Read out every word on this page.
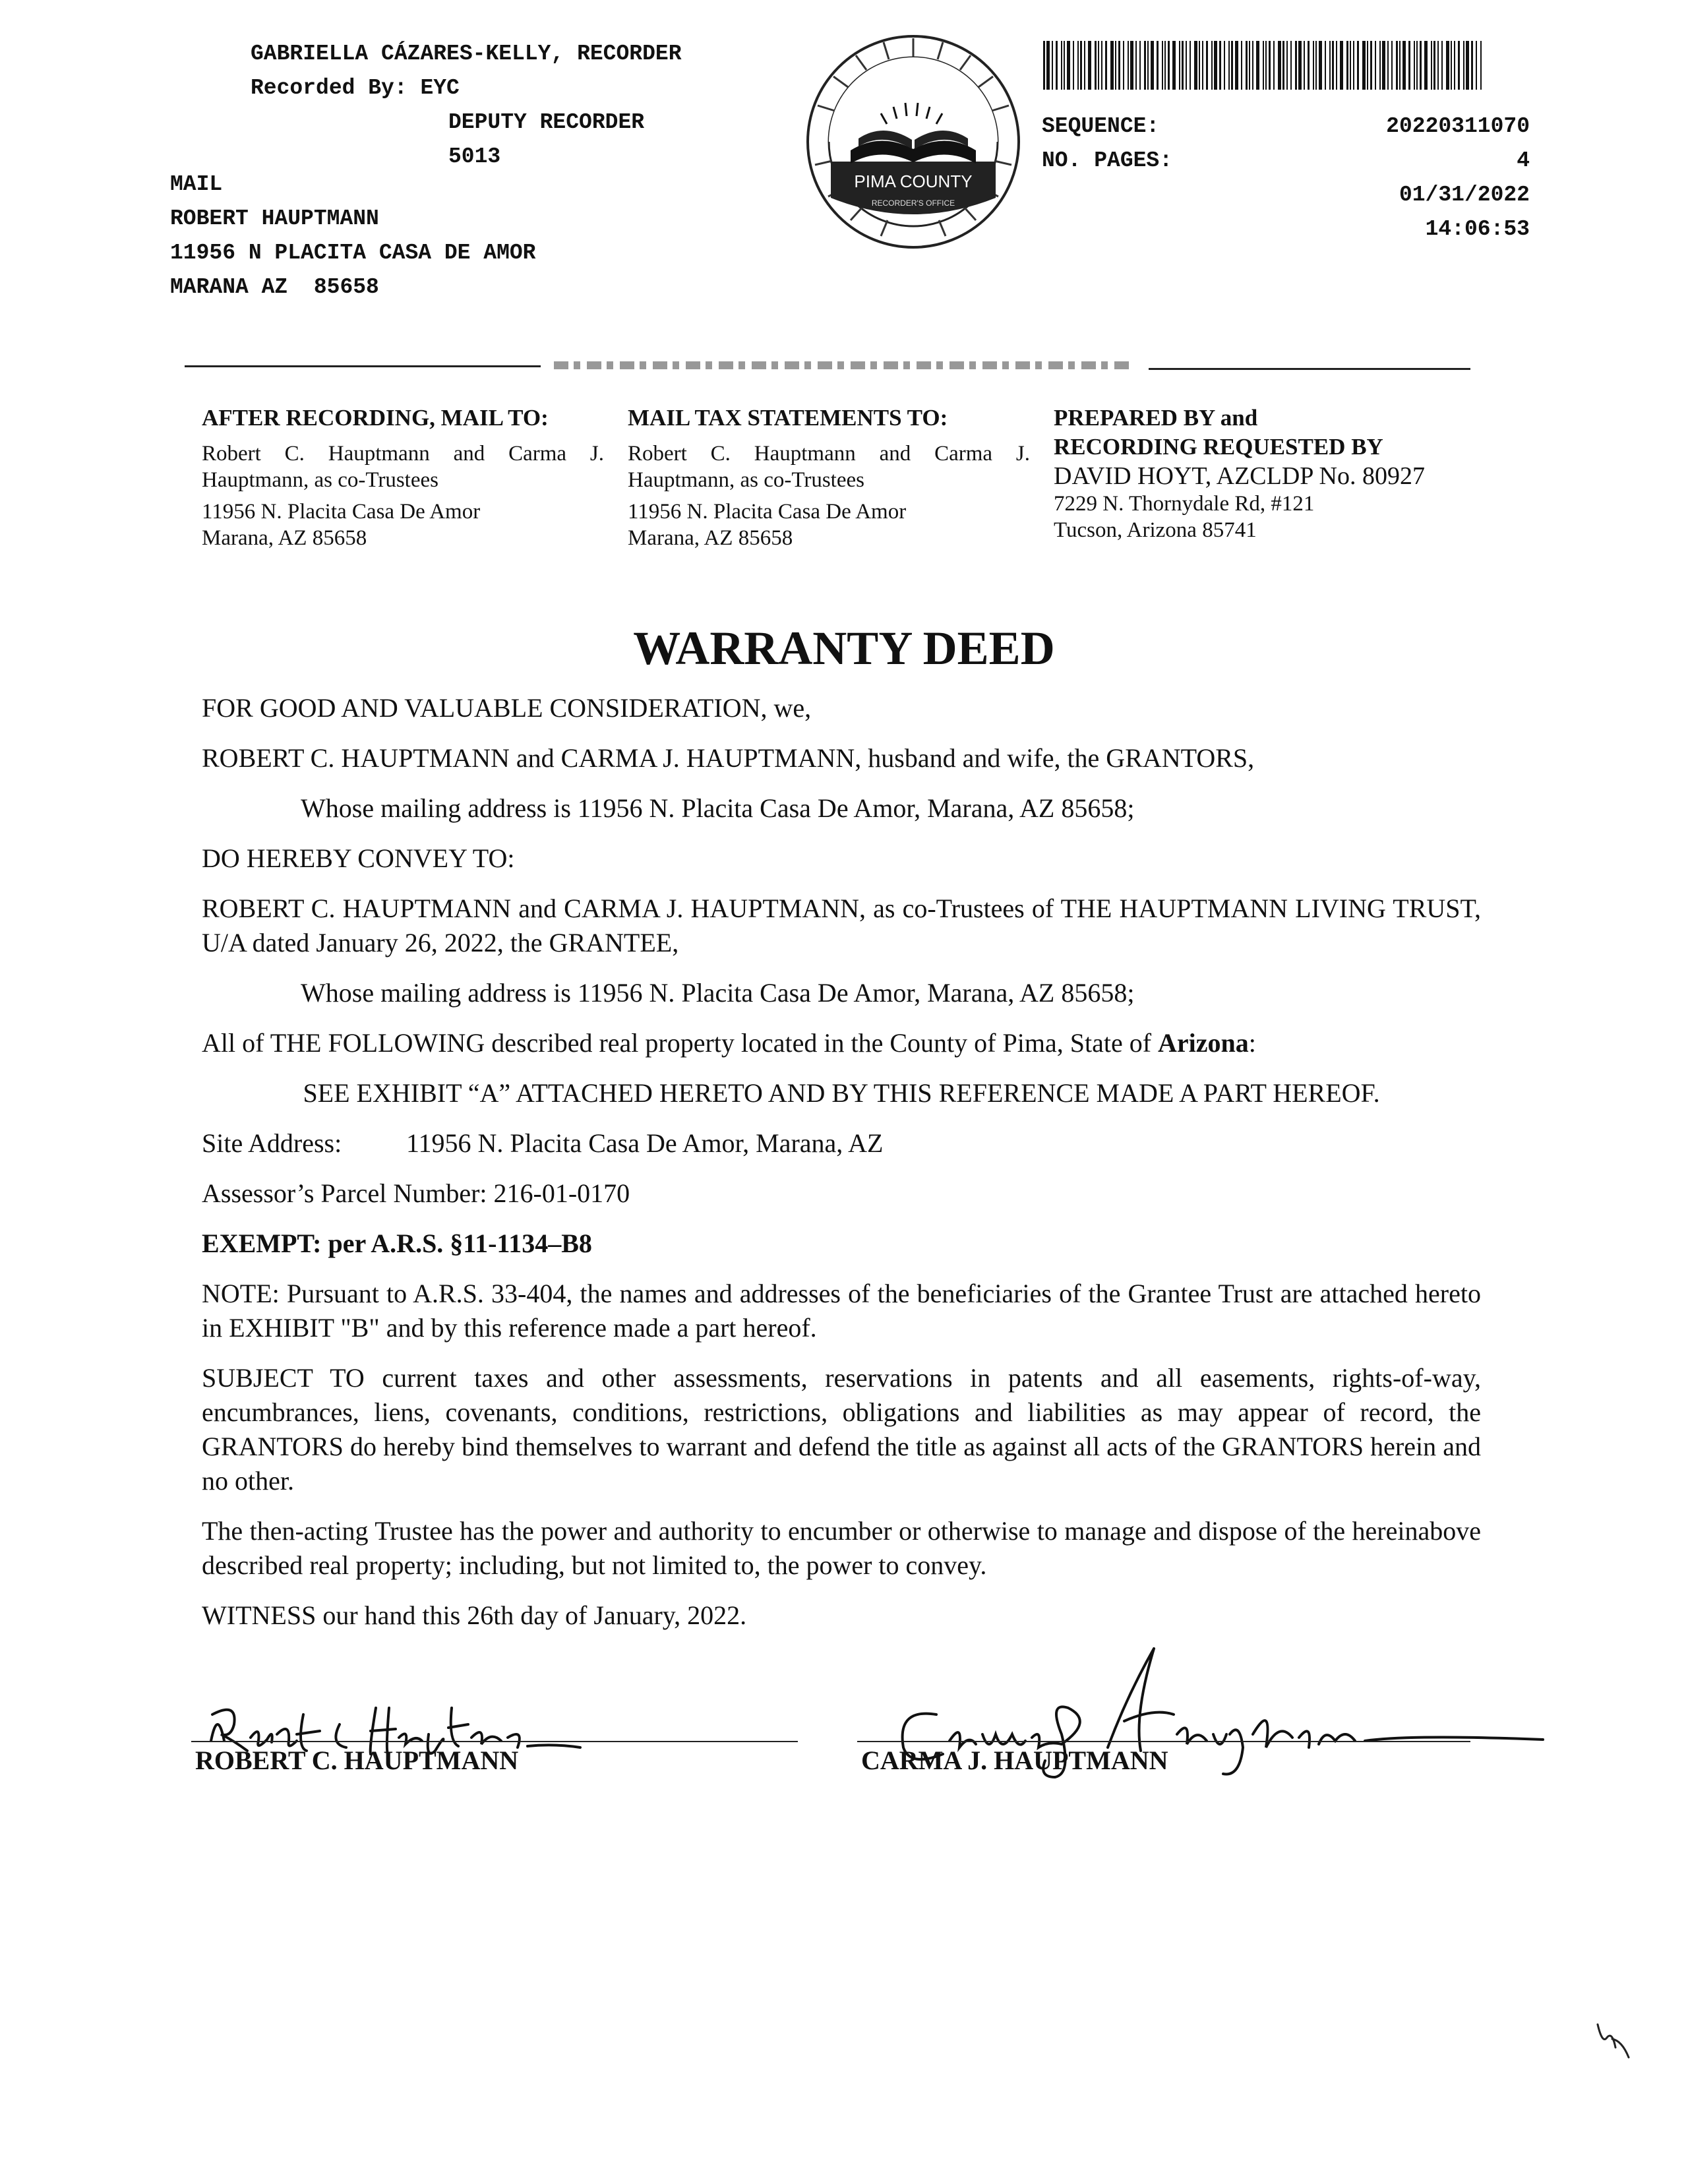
GABRIELLA CÁZARES-KELLY, RECORDER
Recorded By: EYC
DEPUTY RECORDER
5013
MAIL
ROBERT HAUPTMANN
11956 N PLACITA CASA DE AMOR
MARANA AZ  85658
PIMA COUNTY
RECORDER'S OFFICE
SEQUENCE:	20220311070
NO. PAGES:	4
01/31/2022
14:06:53
AFTER RECORDING, MAIL TO:

Robert C. Hauptmann and Carma J. Hauptmann, as co-Trustees

11956 N. Placita Casa De Amor
Marana, AZ 85658
MAIL TAX STATEMENTS TO:

Robert C. Hauptmann and Carma J. Hauptmann, as co-Trustees

11956 N. Placita Casa De Amor
Marana, AZ 85658
PREPARED BY and
RECORDING REQUESTED BY
DAVID HOYT, AZCLDP No. 80927
7229 N. Thornydale Rd, #121
Tucson, Arizona 85741
WARRANTY DEED

FOR GOOD AND VALUABLE CONSIDERATION, we,

ROBERT C. HAUPTMANN and CARMA J. HAUPTMANN, husband and wife, the GRANTORS,

Whose mailing address is 11956 N. Placita Casa De Amor, Marana, AZ 85658;

DO HEREBY CONVEY TO:

ROBERT C. HAUPTMANN and CARMA J. HAUPTMANN, as co-Trustees of THE HAUPTMANN LIVING TRUST, U/A dated January 26, 2022, the GRANTEE,

Whose mailing address is 11956 N. Placita Casa De Amor, Marana, AZ 85658;

All of THE FOLLOWING described real property located in the County of Pima, State of Arizona:

SEE EXHIBIT “A” ATTACHED HERETO AND BY THIS REFERENCE MADE A PART HEREOF.

Site Address: 11956 N. Placita Casa De Amor, Marana, AZ

Assessor’s Parcel Number: 216-01-0170

EXEMPT: per A.R.S. §11-1134–B8

NOTE: Pursuant to A.R.S. 33-404, the names and addresses of the beneficiaries of the Grantee Trust are attached hereto in EXHIBIT "B" and by this reference made a part hereof.

SUBJECT TO current taxes and other assessments, reservations in patents and all easements, rights-of-way, encumbrances, liens, covenants, conditions, restrictions, obligations and liabilities as may appear of record, the GRANTORS do hereby bind themselves to warrant and defend the title as against all acts of the GRANTORS herein and no other.

The then-acting Trustee has the power and authority to encumber or otherwise to manage and dispose of the hereinabove described real property; including, but not limited to, the power to convey.

WITNESS our hand this 26th day of January, 2022.

ROBERT C. HAUPTMANN	CARMA J. HAUPTMANN
